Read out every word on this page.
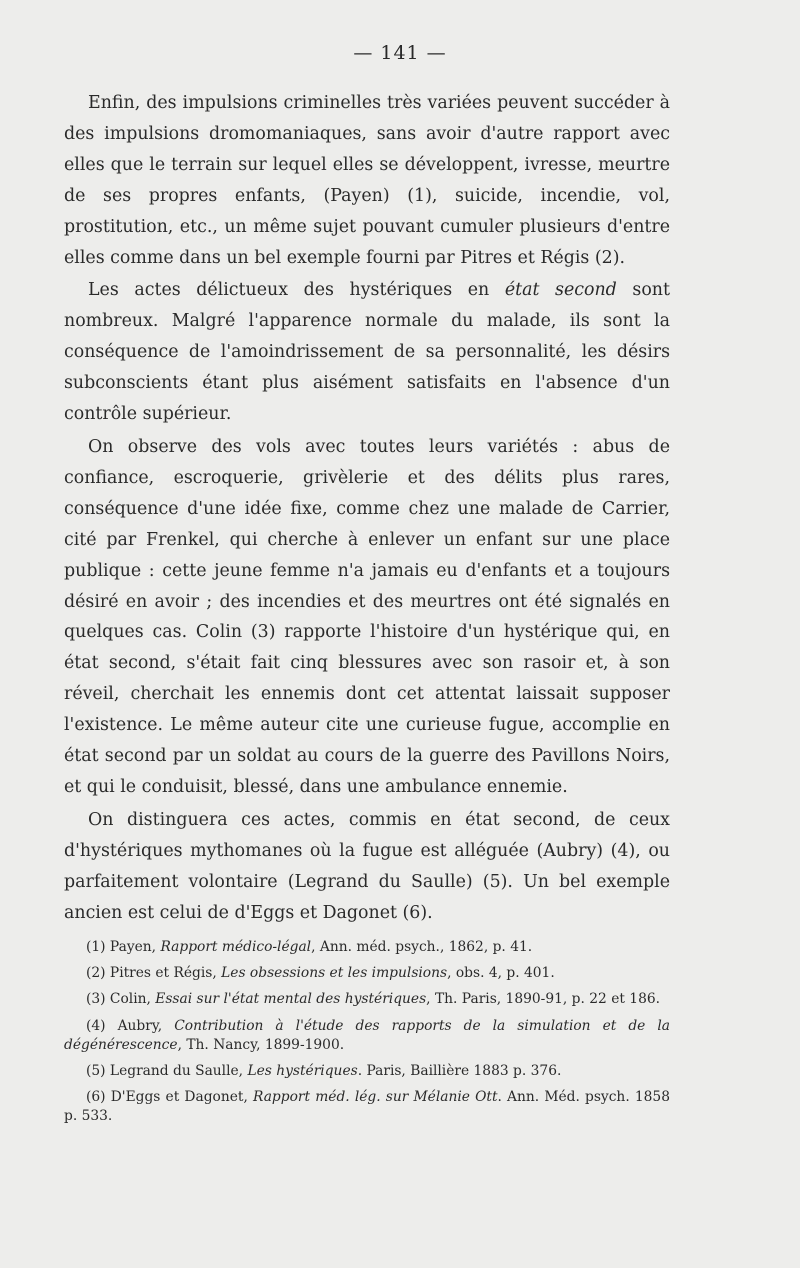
— 141 —

Enfin, des impulsions criminelles très variées peuvent succéder à des impulsions dromomaniaques, sans avoir d'autre rapport avec elles que le terrain sur lequel elles se développent, ivresse, meurtre de ses propres enfants, (Payen) (1), suicide, incendie, vol, prostitution, etc., un même sujet pouvant cumuler plusieurs d'entre elles comme dans un bel exemple fourni par Pitres et Régis (2).

Les actes délictueux des hystériques en état second sont nombreux. Malgré l'apparence normale du malade, ils sont la conséquence de l'amoindrissement de sa personnalité, les désirs subconscients étant plus aisément satisfaits en l'absence d'un contrôle supérieur.

On observe des vols avec toutes leurs variétés : abus de confiance, escroquerie, grivèlerie et des délits plus rares, conséquence d'une idée fixe, comme chez une malade de Carrier, cité par Frenkel, qui cherche à enlever un enfant sur une place publique : cette jeune femme n'a jamais eu d'enfants et a toujours désiré en avoir ; des incendies et des meurtres ont été signalés en quelques cas. Colin (3) rapporte l'histoire d'un hystérique qui, en état second, s'était fait cinq blessures avec son rasoir et, à son réveil, cherchait les ennemis dont cet attentat laissait supposer l'existence. Le même auteur cite une curieuse fugue, accomplie en état second par un soldat au cours de la guerre des Pavillons Noirs, et qui le conduisit, blessé, dans une ambulance ennemie.

On distinguera ces actes, commis en état second, de ceux d'hystériques mythomanes où la fugue est alléguée (Aubry) (4), ou parfaitement volontaire (Legrand du Saulle) (5). Un bel exemple ancien est celui de d'Eggs et Dagonet (6).

(1) Payen, Rapport médico-légal, Ann. méd. psych., 1862, p. 41.

(2) Pitres et Régis, Les obsessions et les impulsions, obs. 4, p. 401.

(3) Colin, Essai sur l'état mental des hystériques, Th. Paris, 1890-91, p. 22 et 186.

(4) Aubry, Contribution à l'étude des rapports de la simulation et de la dégénérescence, Th. Nancy, 1899-1900.

(5) Legrand du Saulle, Les hystériques. Paris, Baillière 1883 p. 376.

(6) D'Eggs et Dagonet, Rapport méd. lég. sur Mélanie Ott. Ann. Méd. psych. 1858 p. 533.
